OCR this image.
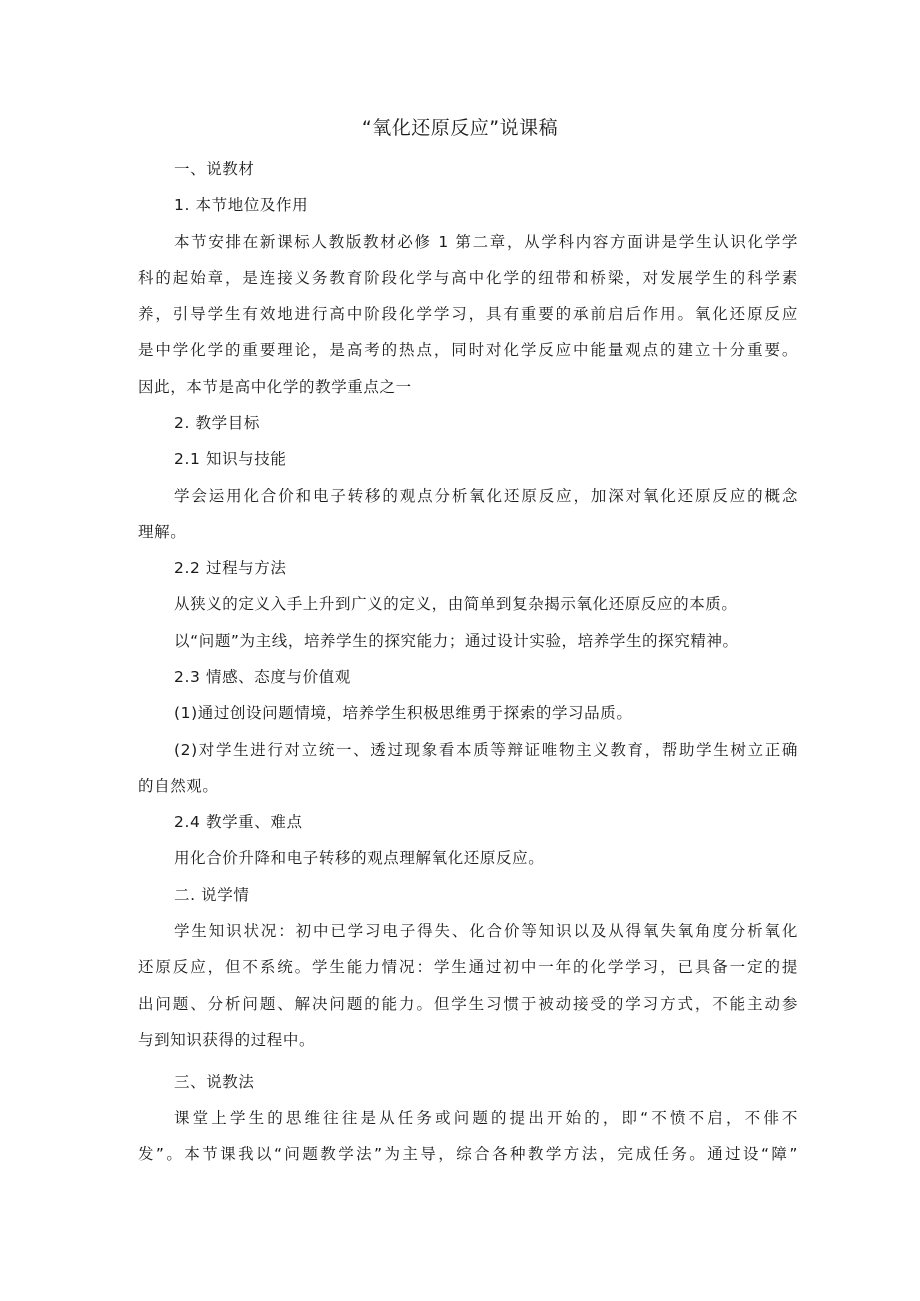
“氧化还原反应”说课稿
一、说教材
1. 本节地位及作用
本节安排在新课标人教版教材必修 1 第二章，从学科内容方面讲是学生认识化学学
科的起始章，是连接义务教育阶段化学与高中化学的纽带和桥梁，对发展学生的科学素
养，引导学生有效地进行高中阶段化学学习，具有重要的承前启后作用。氧化还原反应
是中学化学的重要理论，是高考的热点，同时对化学反应中能量观点的建立十分重要。
因此，本节是高中化学的教学重点之一
2. 教学目标
2.1 知识与技能
学会运用化合价和电子转移的观点分析氧化还原反应，加深对氧化还原反应的概念
理解。
2.2 过程与方法
从狭义的定义入手上升到广义的定义，由简单到复杂揭示氧化还原反应的本质。
以“问题”为主线，培养学生的探究能力；通过设计实验，培养学生的探究精神。
2.3 情感、态度与价值观
(1)通过创设问题情境，培养学生积极思维勇于探索的学习品质。
(2)对学生进行对立统一、透过现象看本质等辩证唯物主义教育，帮助学生树立正确
的自然观。
2.4 教学重、难点
用化合价升降和电子转移的观点理解氧化还原反应。
二. 说学情
学生知识状况：初中已学习电子得失、化合价等知识以及从得氧失氧角度分析氧化
还原反应，但不系统。学生能力情况：学生通过初中一年的化学学习，已具备一定的提
出问题、分析问题、解决问题的能力。但学生习惯于被动接受的学习方式，不能主动参
与到知识获得的过程中。
三、说教法
课堂上学生的思维往往是从任务或问题的提出开始的，即“不愤不启，不俳不
发”。本节课我以“问题教学法”为主导，综合各种教学方法，完成任务。通过设“障”
